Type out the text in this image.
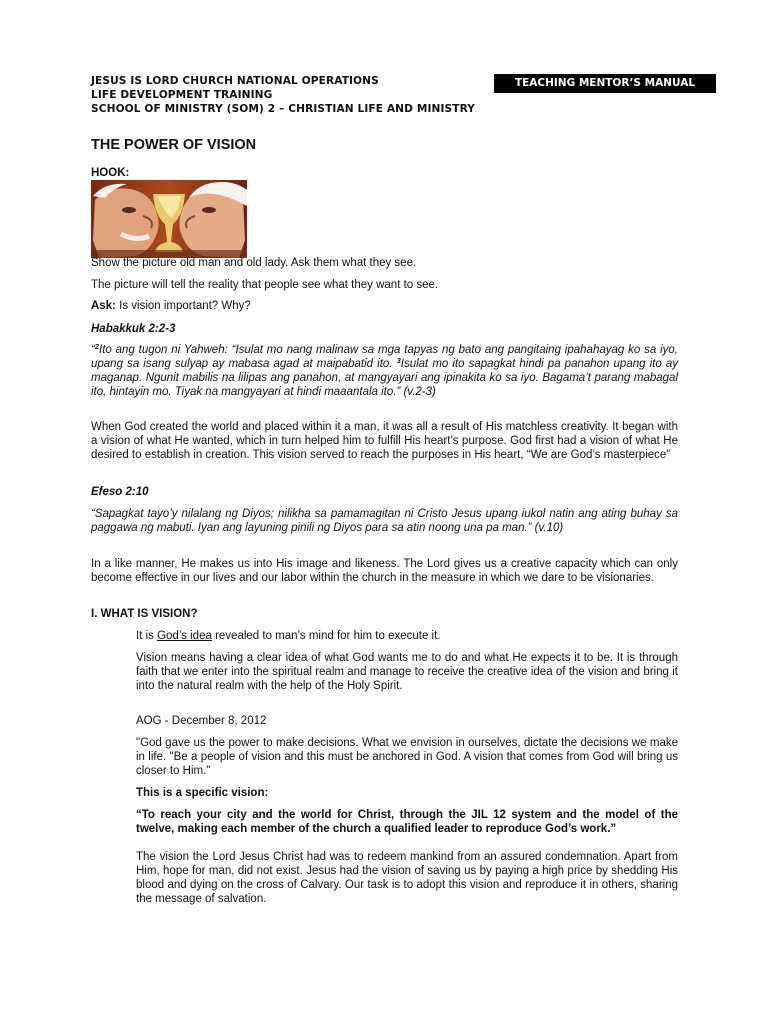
JESUS IS LORD CHURCH NATIONAL OPERATIONS
LIFE DEVELOPMENT TRAINING
SCHOOL OF MINISTRY (SOM) 2 – CHRISTIAN LIFE AND MINISTRY
TEACHING MENTOR’S MANUAL
THE POWER OF VISION
HOOK:
Show the picture old man and old lady. Ask them what they see.
The picture will tell the reality that people see what they want to see.
Ask: Is vision important? Why?
Habakkuk 2:2-3
“$^2$Ito ang tugon ni Yahweh: “Isulat mo nang malinaw sa mga tapyas ng bato ang pangitaing ipahahayag ko sa iyo, upang sa isang sulyap ay mabasa agad at maipabatid ito. $^3$Isulat mo ito sapagkat hindi pa panahon upang ito ay maganap. Ngunit mabilis na lilipas ang panahon, at mangyayari ang ipinakita ko sa iyo. Bagama’t parang mabagal ito, hintayin mo. Tiyak na mangyayari at hindi maaantala ito.” (v.2-3)
When God created the world and placed within it a man, it was all a result of His matchless creativity. It began with a vision of what He wanted, which in turn helped him to fulfill His heart’s purpose. God first had a vision of what He desired to establish in creation. This vision served to reach the purposes in His heart, “We are God’s masterpiece”
Efeso 2:10
“Sapagkat tayo’y nilalang ng Diyos; nilikha sa pamamagitan ni Cristo Jesus upang iukol natin ang ating buhay sa paggawa ng mabuti. Iyan ang layuning pinili ng Diyos para sa atin noong una pa man.” (v.10)
In a like manner, He makes us into His image and likeness. The Lord gives us a creative capacity which can only become effective in our lives and our labor within the church in the measure in which we dare to be visionaries.
I. WHAT IS VISION?
It is God’s idea revealed to man’s mind for him to execute it.
Vision means having a clear idea of what God wants me to do and what He expects it to be. It is through faith that we enter into the spiritual realm and manage to receive the creative idea of the vision and bring it into the natural realm with the help of the Holy Spirit.
AOG - December 8, 2012
"God gave us the power to make decisions. What we envision in ourselves, dictate the decisions we make in life. "Be a people of vision and this must be anchored in God. A vision that comes from God will bring us closer to Him."
This is a specific vision:
“To reach your city and the world for Christ, through the JIL 12 system and the model of the twelve, making each member of the church a qualified leader to reproduce God’s work.”
The vision the Lord Jesus Christ had was to redeem mankind from an assured condemnation. Apart from Him, hope for man, did not exist. Jesus had the vision of saving us by paying a high price by shedding His blood and dying on the cross of Calvary. Our task is to adopt this vision and reproduce it in others, sharing the message of salvation.
